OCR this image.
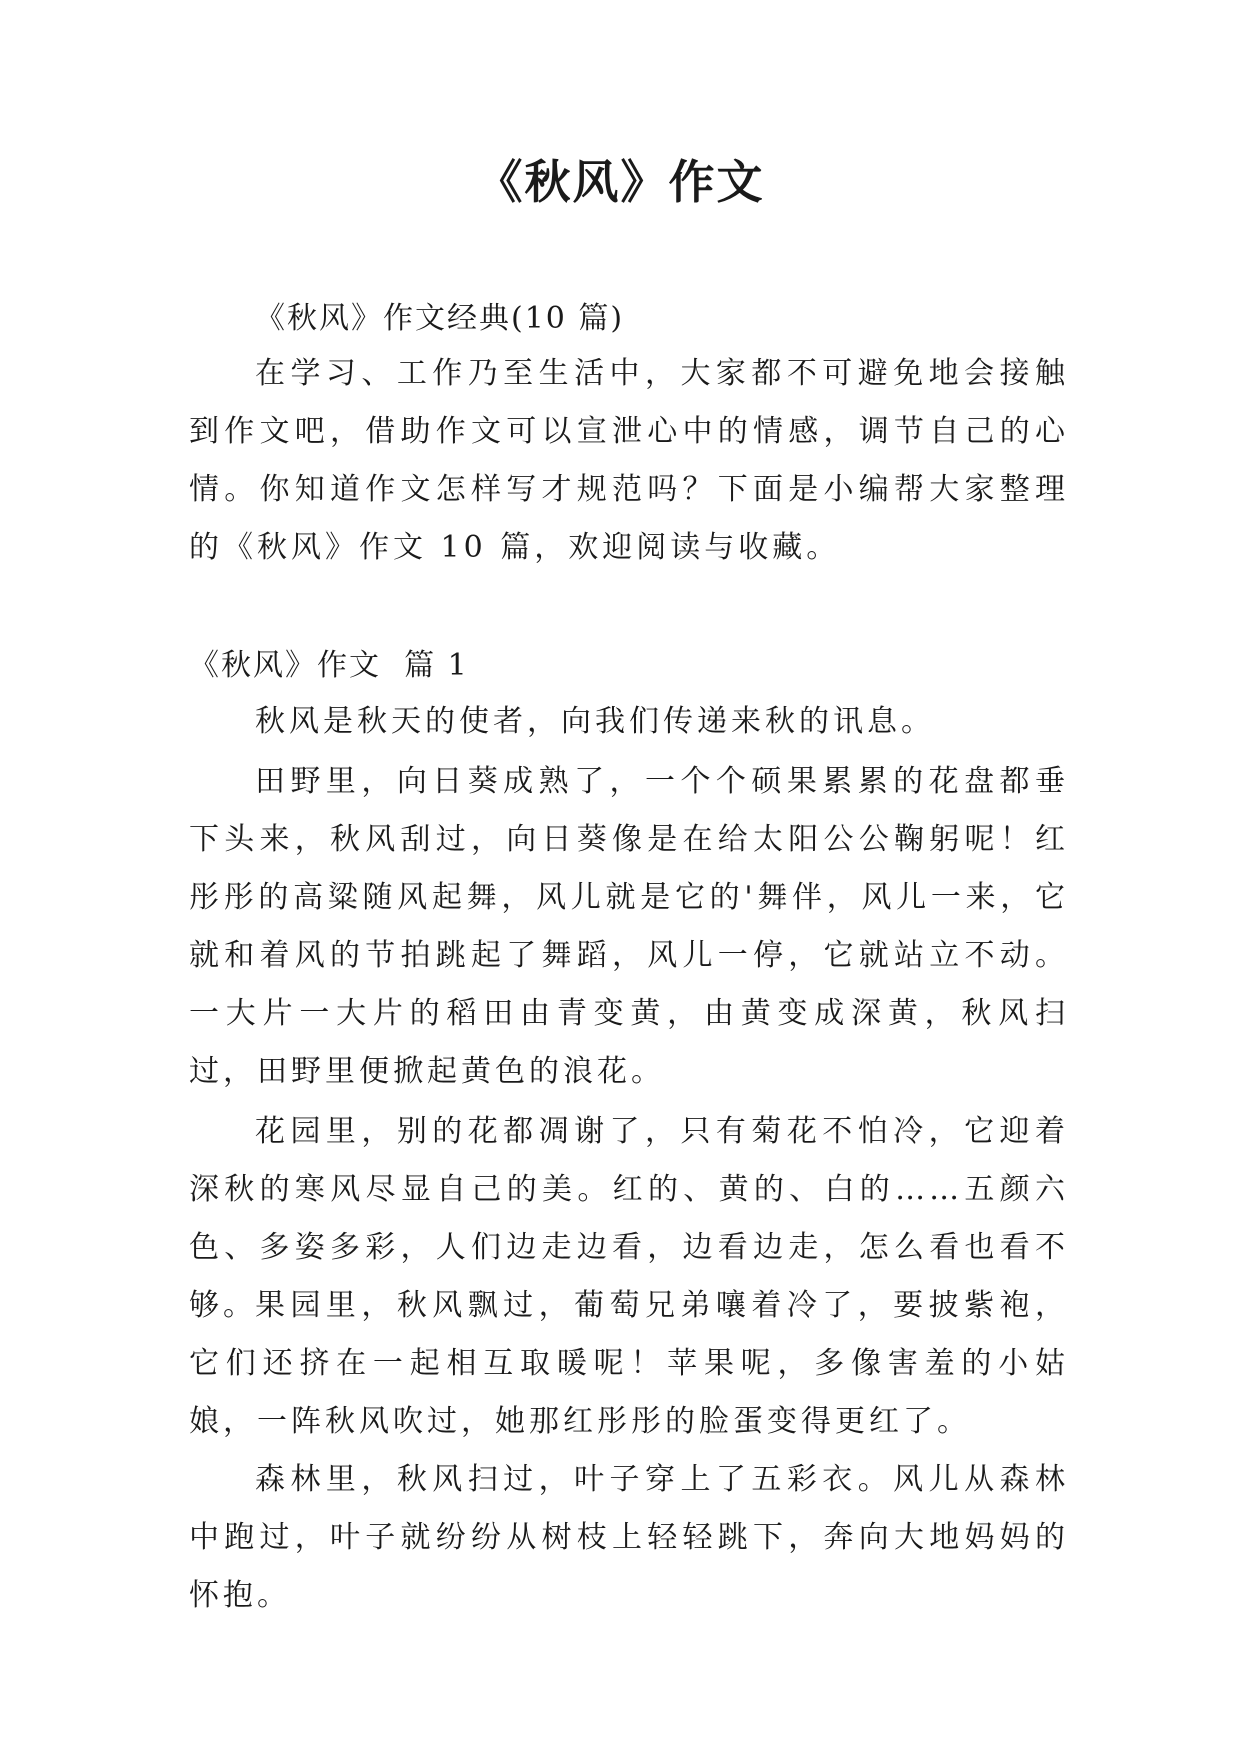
《秋风》作文
《秋风》作文经典(10 篇)
在学习、工作乃至生活中，大家都不可避免地会接触到作文吧，借助作文可以宣泄心中的情感，调节自己的心情。你知道作文怎样写才规范吗？下面是小编帮大家整理的《秋风》作文 10 篇，欢迎阅读与收藏。
《秋风》作文  篇 1
秋风是秋天的使者，向我们传递来秋的讯息。
田野里，向日葵成熟了，一个个硕果累累的花盘都垂下头来，秋风刮过，向日葵像是在给太阳公公鞠躬呢！红彤彤的高粱随风起舞，风儿就是它的'舞伴，风儿一来，它就和着风的节拍跳起了舞蹈，风儿一停，它就站立不动。一大片一大片的稻田由青变黄，由黄变成深黄，秋风扫过，田野里便掀起黄色的浪花。
花园里，别的花都凋谢了，只有菊花不怕冷，它迎着深秋的寒风尽显自己的美。红的、黄的、白的……五颜六色、多姿多彩，人们边走边看，边看边走，怎么看也看不够。
果园里，秋风飘过，葡萄兄弟嚷着冷了，要披紫袍，它们还挤在一起相互取暖呢！苹果呢，多像害羞的小姑娘，一阵秋风吹过，她那红彤彤的脸蛋变得更红了。
森林里，秋风扫过，叶子穿上了五彩衣。风儿从森林中跑过，叶子就纷纷从树枝上轻轻跳下，奔向大地妈妈的怀抱。
